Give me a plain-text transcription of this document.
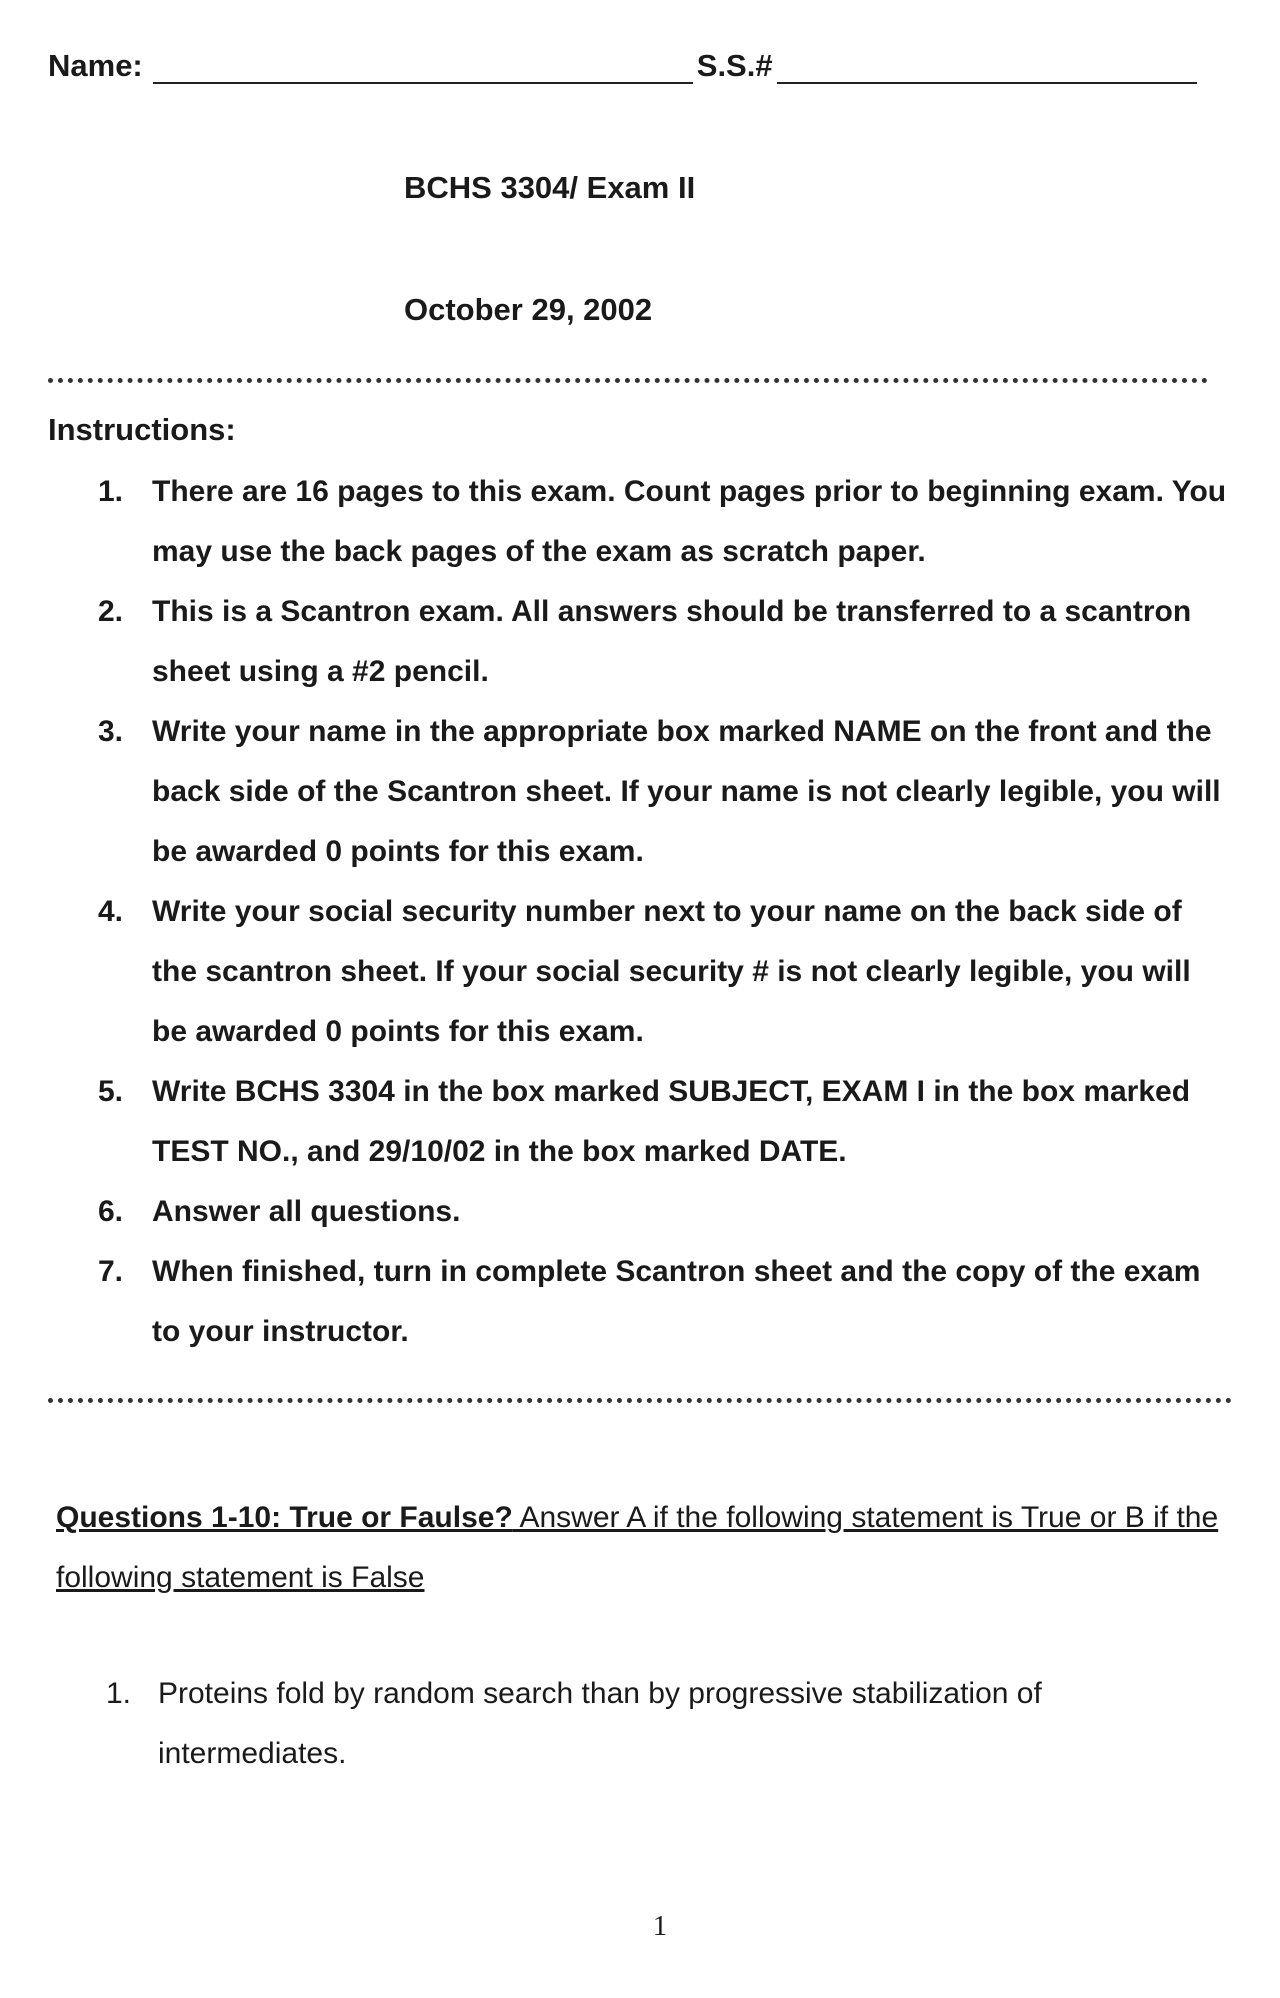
Name:	S.S.#
BCHS 3304/ Exam II
October 29, 2002
Instructions:
1. There are 16 pages to this exam. Count pages prior to beginning exam. You may use the back pages of the exam as scratch paper.
2. This is a Scantron exam. All answers should be transferred to a scantron sheet using a #2 pencil.
3. Write your name in the appropriate box marked NAME on the front and the back side of the Scantron sheet. If your name is not clearly legible, you will be awarded 0 points for this exam.
4. Write your social security number next to your name on the back side of the scantron sheet. If your social security # is not clearly legible, you will be awarded 0 points for this exam.
5. Write BCHS 3304 in the box marked SUBJECT, EXAM I in the box marked TEST NO., and 29/10/02 in the box marked DATE.
6. Answer all questions.
7. When finished, turn in complete Scantron sheet and the copy of the exam to your instructor.
Questions 1-10: True or Faulse? Answer A if the following statement is True or B if the following statement is False
1. Proteins fold by random search than by progressive stabilization of intermediates.
1
